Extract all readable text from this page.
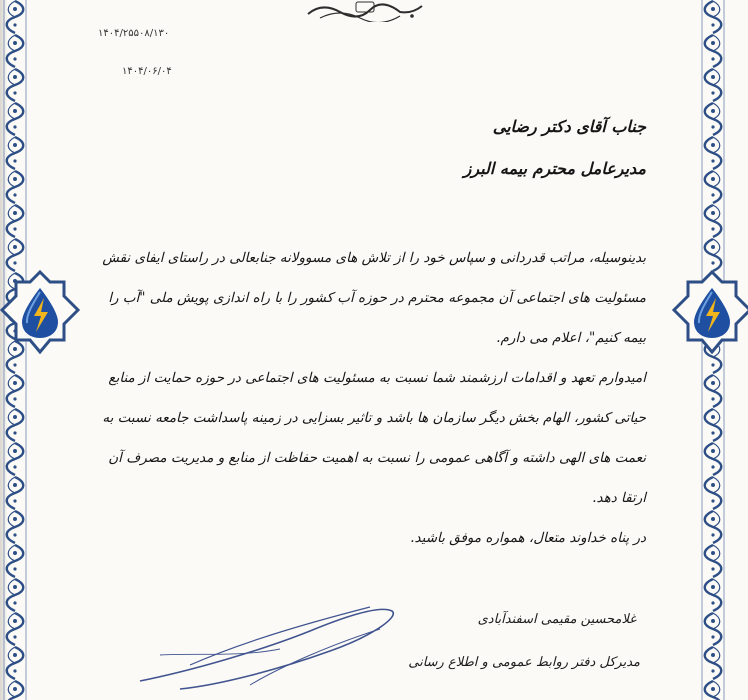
۱۴۰۴/۲۵۵۰۸/۱۳۰
۱۴۰۴/۰۶/۰۴
جناب آقای دکتر رضایی
مدیرعامل محترم بیمه البرز
بدینوسیله، مراتب قدردانی و سپاس خود را از تلاش های مسوولانه جنابعالی در راستای ایفای نقش مسئولیت های اجتماعی آن مجموعه محترم در حوزه آب کشور را با راه اندازی پویش ملی "آب را بیمه کنیم"، اعلام می دارم.
امیدوارم تعهد و اقدامات ارزشمند شما نسبت به مسئولیت های اجتماعی در حوزه حمایت از منابع حیاتی کشور، الهام بخش دیگر سازمان ها باشد و تاثیر بسزایی در زمینه پاسداشت جامعه نسبت به نعمت های الهی داشته و آگاهی عمومی را نسبت به اهمیت حفاظت از منابع و مدیریت مصرف آن ارتقا دهد.
در پناه خداوند متعال، همواره موفق باشید.
غلامحسین مقیمی اسفندآبادی
مدیرکل دفتر روابط عمومی و اطلاع رسانی
